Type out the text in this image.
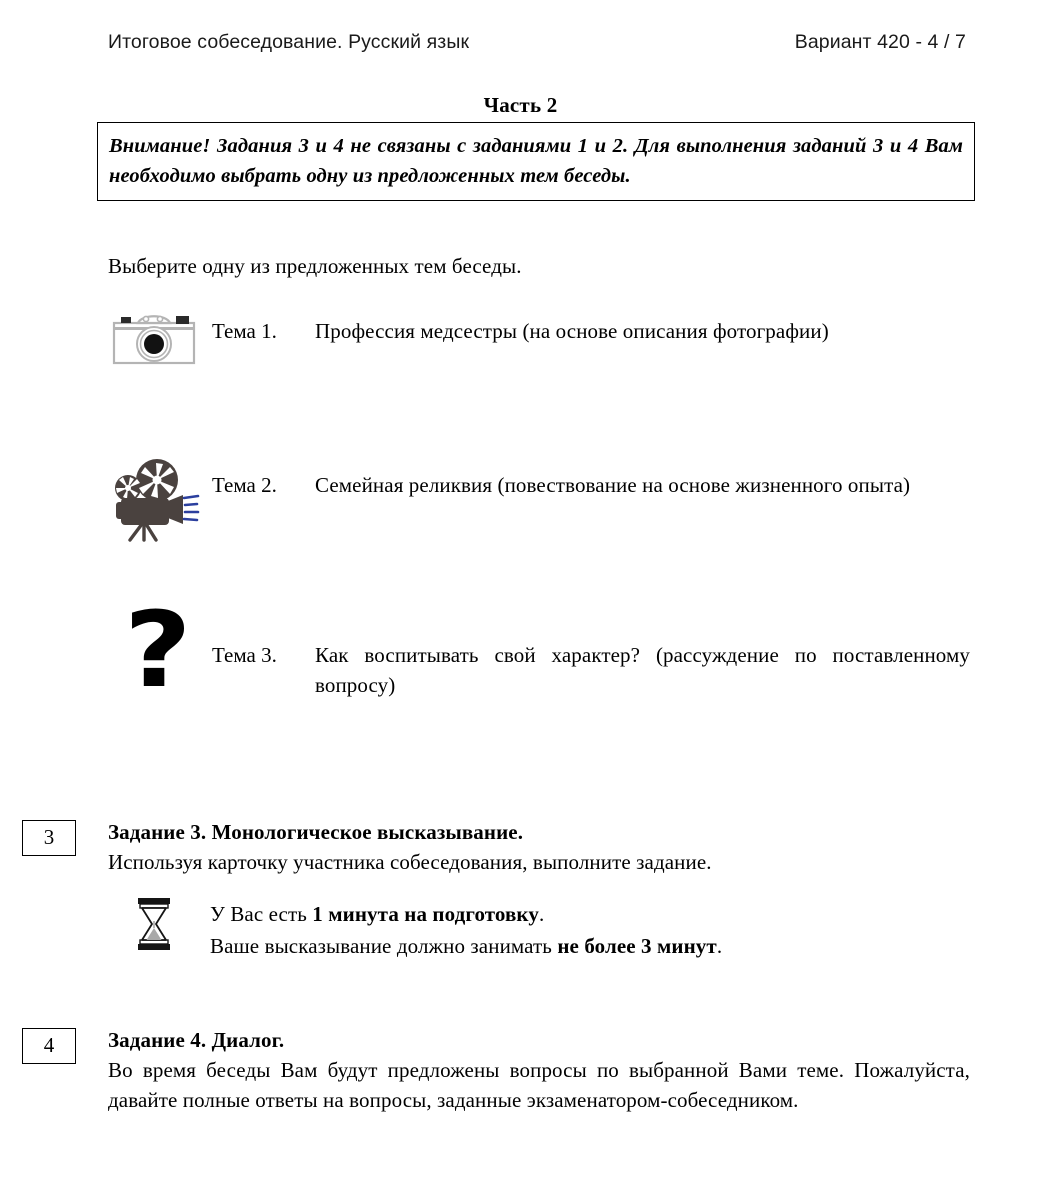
Итоговое собеседование. Русский язык	Вариант 420 - 4 / 7
Часть 2

Внимание! Задания 3 и 4 не связаны с заданиями 1 и 2. Для выполнения заданий 3 и 4 Вам необходимо выбрать одну из предложенных тем беседы.

Выберите одну из предложенных тем беседы.
Тема 1.	Профессия медсестры (на основе описания фотографии)
Тема 2.	Семейная реликвия (повествование на основе жизненного опыта)
? Тема 3.	Как воспитывать свой характер? (рассуждение по поставленному вопросу)
3	Задание 3. Монологическое высказывание.
Используя карточку участника собеседования, выполните задание.
У Вас есть 1 минута на подготовку.
Ваше высказывание должно занимать не более 3 минут.
4	Задание 4. Диалог.
Во время беседы Вам будут предложены вопросы по выбранной Вами теме. Пожалуйста, давайте полные ответы на вопросы, заданные экзаменатором-собеседником.
